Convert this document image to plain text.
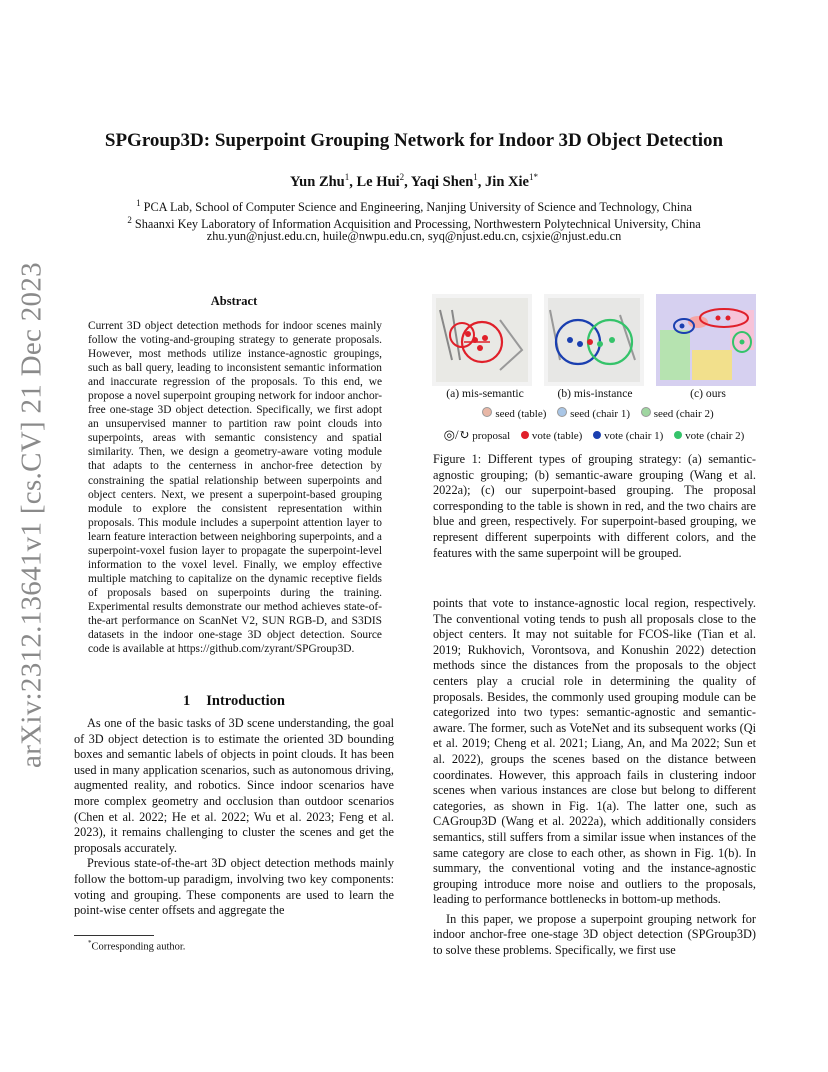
arXiv:2312.13641v1 [cs.CV] 21 Dec 2023
SPGroup3D: Superpoint Grouping Network for Indoor 3D Object Detection
Yun Zhu$^1$, Le Hui$^2$, Yaqi Shen$^1$, Jin Xie$^{1*}$
$^1$ PCA Lab, School of Computer Science and Engineering, Nanjing University of Science and Technology, China
$^2$ Shaanxi Key Laboratory of Information Acquisition and Processing, Northwestern Polytechnical University, China
zhu.yun@njust.edu.cn, huile@nwpu.edu.cn, syq@njust.edu.cn, csjxie@njust.edu.cn
Abstract
Current 3D object detection methods for indoor scenes mainly follow the voting-and-grouping strategy to generate proposals. However, most methods utilize instance-agnostic groupings, such as ball query, leading to inconsistent semantic information and inaccurate regression of the proposals. To this end, we propose a novel superpoint grouping network for indoor anchor-free one-stage 3D object detection. Specifically, we first adopt an unsupervised manner to partition raw point clouds into superpoints, areas with semantic consistency and spatial similarity. Then, we design a geometry-aware voting module that adapts to the centerness in anchor-free detection by constraining the spatial relationship between superpoints and object centers. Next, we present a superpoint-based grouping module to explore the consistent representation within proposals. This module includes a superpoint attention layer to learn feature interaction between neighboring superpoints, and a superpoint-voxel fusion layer to propagate the superpoint-level information to the voxel level. Finally, we employ effective multiple matching to capitalize on the dynamic receptive fields of proposals based on superpoints during the training. Experimental results demonstrate our method achieves state-of-the-art performance on ScanNet V2, SUN RGB-D, and S3DIS datasets in the indoor one-stage 3D object detection. Source code is available at https://github.com/zyrant/SPGroup3D.
1 Introduction

As one of the basic tasks of 3D scene understanding, the goal of 3D object detection is to estimate the oriented 3D bounding boxes and semantic labels of objects in point clouds. It has been used in many application scenarios, such as autonomous driving, augmented reality, and robotics. Since indoor scenarios have more complex geometry and occlusion than outdoor scenarios (Chen et al. 2022; He et al. 2022; Wu et al. 2023; Feng et al. 2023), it remains challenging to cluster the scenes and get the proposals accurately.

Previous state-of-the-art 3D object detection methods mainly follow the bottom-up paradigm, involving two key components: voting and grouping. These components are used to learn the point-wise center offsets and aggregate the

*Corresponding author.
(a) mis-semantic	(b) mis-instance	(c) ours
seed (table) seed (chair 1) seed (chair 2)
◎/↻ proposal vote (table) vote (chair 1) vote (chair 2)
Figure 1: Different types of grouping strategy: (a) semantic-agnostic grouping; (b) semantic-aware grouping (Wang et al. 2022a); (c) our superpoint-based grouping. The proposal corresponding to the table is shown in red, and the two chairs are blue and green, respectively. For superpoint-based grouping, we represent different superpoints with different colors, and the features with the same superpoint will be grouped.

points that vote to instance-agnostic local region, respectively. The conventional voting tends to push all proposals close to the object centers. It may not suitable for FCOS-like (Tian et al. 2019; Rukhovich, Vorontsova, and Konushin 2022) detection methods since the distances from the proposals to the object centers play a crucial role in determining the quality of proposals. Besides, the commonly used grouping module can be categorized into two types: semantic-agnostic and semantic-aware. The former, such as VoteNet and its subsequent works (Qi et al. 2019; Cheng et al. 2021; Liang, An, and Ma 2022; Sun et al. 2022), groups the scenes based on the distance between coordinates. However, this approach fails in clustering indoor scenes when various instances are close but belong to different categories, as shown in Fig. 1(a). The latter one, such as CAGroup3D (Wang et al. 2022a), which additionally considers semantics, still suffers from a similar issue when instances of the same category are close to each other, as shown in Fig. 1(b). In summary, the conventional voting and the instance-agnostic grouping introduce more noise and outliers to the proposals, leading to performance bottlenecks in bottom-up methods.

In this paper, we propose a superpoint grouping network for indoor anchor-free one-stage 3D object detection (SPGroup3D) to solve these problems. Specifically, we first use
